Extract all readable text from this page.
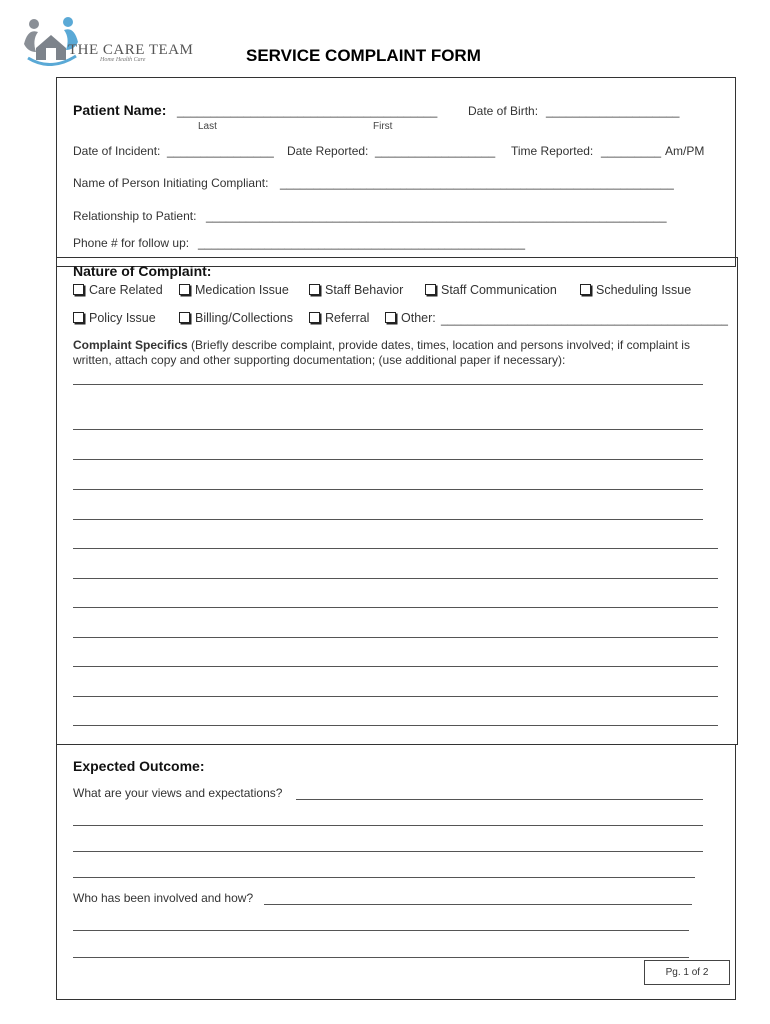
THE CARE TEAM
Home Health Care	SERVICE COMPLAINT FORM
Patient Name: _______________________________________	Date of Birth: ____________________
Last	First
Date of Incident: ________________ Date Reported: __________________ Time Reported: _________ Am/PM
Name of Person Initiating Compliant: ___________________________________________________________
Relationship to Patient: _____________________________________________________________________
Phone # for follow up: _________________________________________________
Nature of Complaint:
Care Related	Medication Issue	Staff Behavior	Staff Communication	Scheduling Issue
Policy Issue	Billing/Collections	Referral	Other: ___________________________________________
Complaint Specifics (Briefly describe complaint, provide dates, times, location and persons involved; if complaint is written, attach copy and other supporting documentation; (use additional paper if necessary):
Expected Outcome:
What are your views and expectations?
Who has been involved and how?
Pg. 1 of 2
